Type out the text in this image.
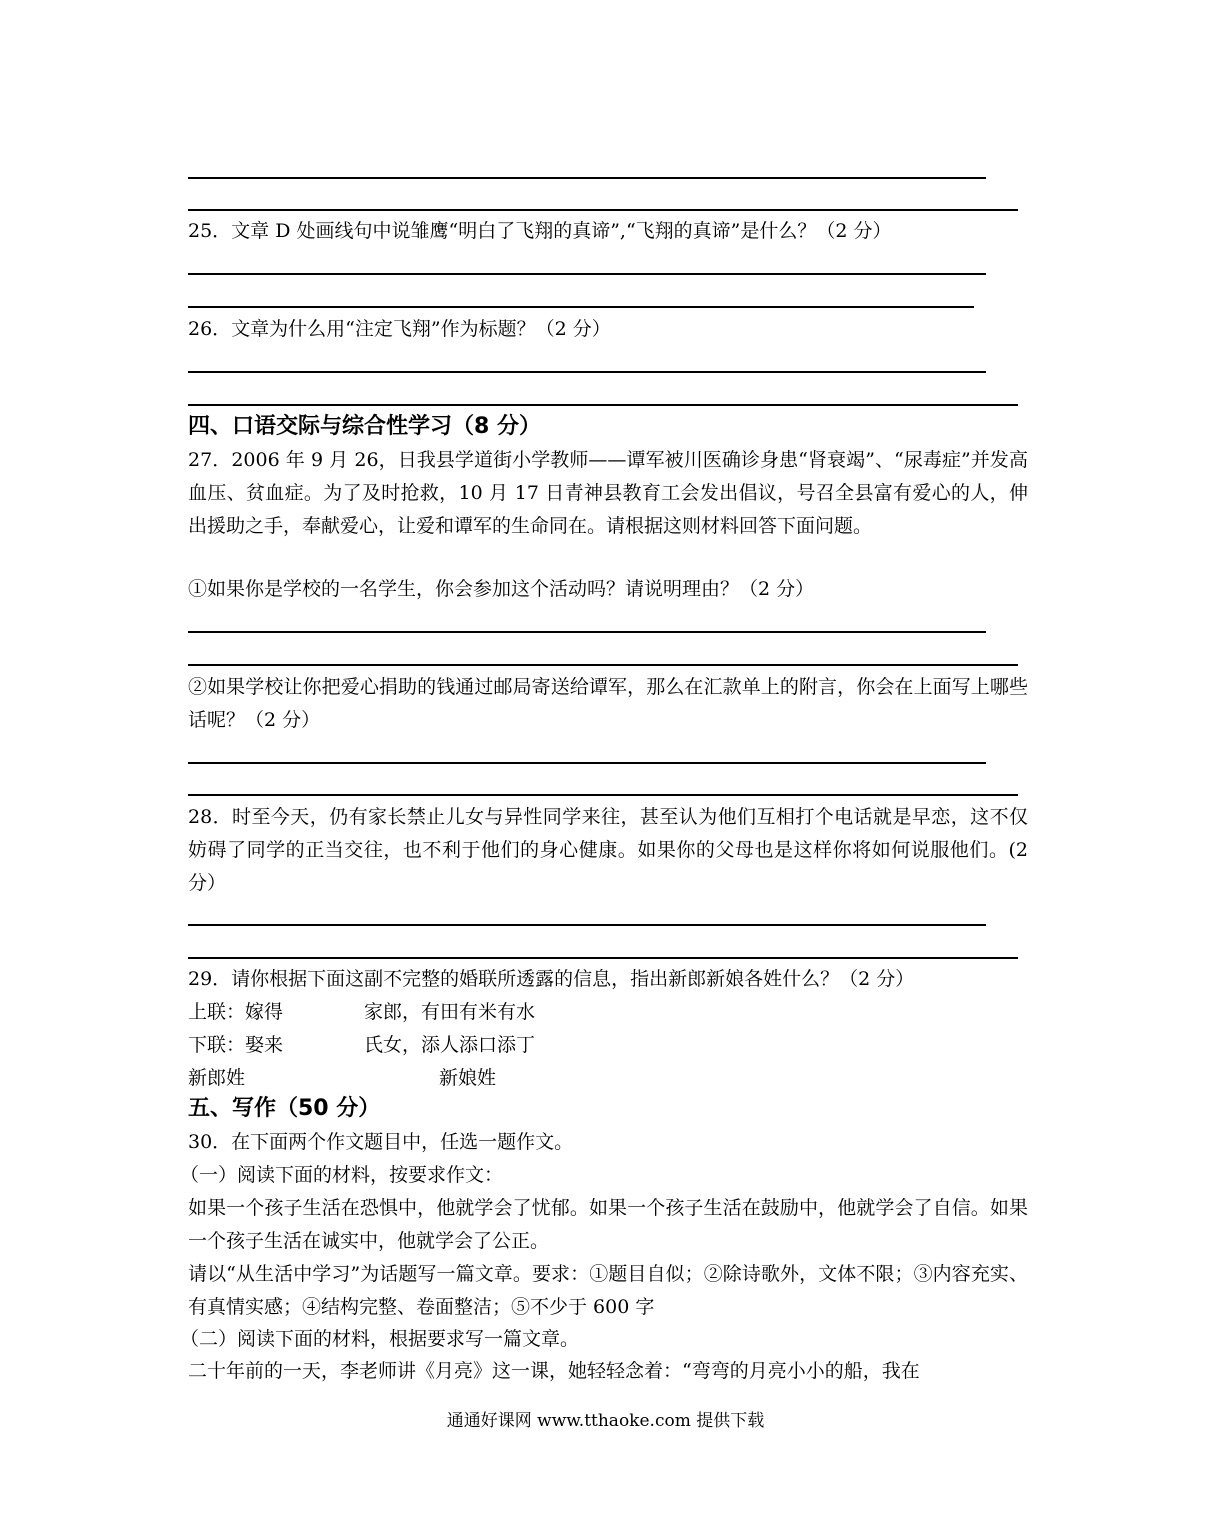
25．文章 D 处画线句中说雏鹰“明白了飞翔的真谛”,“飞翔的真谛”是什么？（2 分）
26．文章为什么用“注定飞翔”作为标题？（2 分）
四、口语交际与综合性学习（8 分）
27．2006 年 9 月 26，日我县学道街小学教师——谭军被川医确诊身患“肾衰竭”、“尿毒症”并发高血压、贫血症。为了及时抢救，10 月 17 日青神县教育工会发出倡议，号召全县富有爱心的人，伸出援助之手，奉献爱心，让爱和谭军的生命同在。请根据这则材料回答下面问题。
①如果你是学校的一名学生，你会参加这个活动吗？请说明理由？（2 分）
②如果学校让你把爱心捐助的钱通过邮局寄送给谭军，那么在汇款单上的附言，你会在上面写上哪些话呢？（2 分）
28．时至今天，仍有家长禁止儿女与异性同学来往，甚至认为他们互相打个电话就是早恋，这不仅妨碍了同学的正当交往，也不利于他们的身心健康。如果你的父母也是这样你将如何说服他们。(2 分）
29．请你根据下面这副不完整的婚联所透露的信息，指出新郎新娘各姓什么？（2 分）
上联：嫁得	家郎，有田有米有水
下联：娶来	氏女，添人添口添丁
新郎姓	新娘姓
五、写作（50 分）
30．在下面两个作文题目中，任选一题作文。
（一）阅读下面的材料，按要求作文：
如果一个孩子生活在恐惧中，他就学会了忧郁。如果一个孩子生活在鼓励中，他就学会了自信。如果一个孩子生活在诚实中，他就学会了公正。
请以“从生活中学习”为话题写一篇文章。要求：①题目自似；②除诗歌外，文体不限；③内容充实、有真情实感；④结构完整、卷面整洁；⑤不少于 600 字
（二）阅读下面的材料，根据要求写一篇文章。
二十年前的一天，李老师讲《月亮》这一课，她轻轻念着：“弯弯的月亮小小的船，我在
通通好课网 www.tthaoke.com 提供下载
